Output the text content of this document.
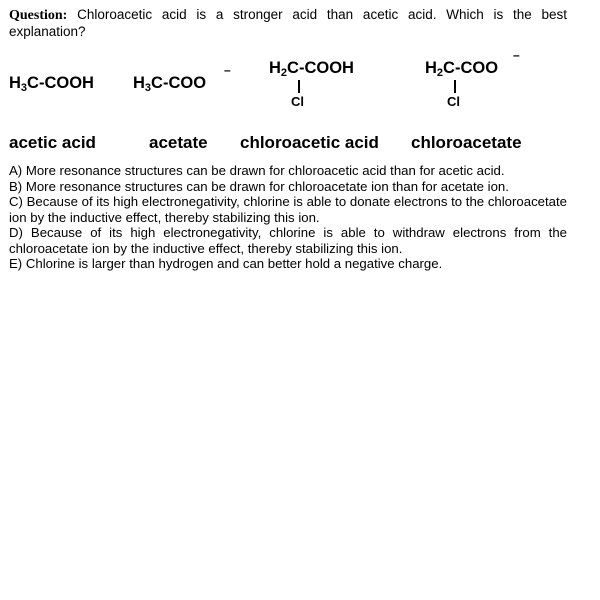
Question: Chloroacetic acid is a stronger acid than acetic acid. Which is the best explanation?
$H_3C$-COOH $H_3C$-COO
– $H_2C$-COOH
Cl
$H_2C$-COO
–
Cl
acetic acid	acetate chloroacetic acid chloroacetate

A) More resonance structures can be drawn for chloroacetic acid than for acetic acid.

B) More resonance structures can be drawn for chloroacetate ion than for acetate ion.

C) Because of its high electronegativity, chlorine is able to donate electrons to the chloroacetate ion by the inductive effect, thereby stabilizing this ion.

D) Because of its high electronegativity, chlorine is able to withdraw electrons from the chloroacetate ion by the inductive effect, thereby stabilizing this ion.

E) Chlorine is larger than hydrogen and can better hold a negative charge.
